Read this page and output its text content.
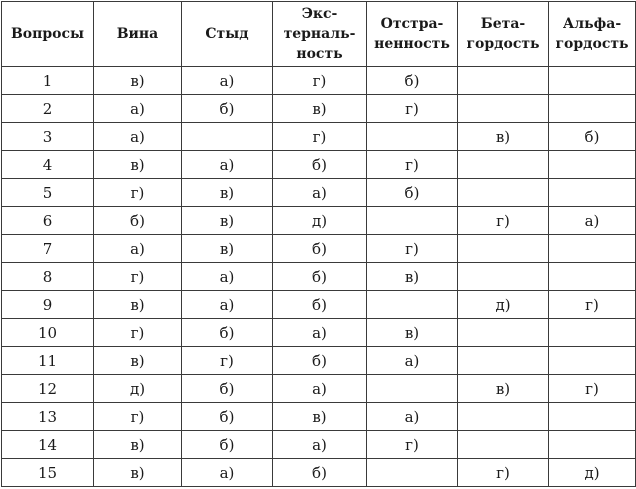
Вопросы	Вина	Стыд	Экс-
терналь-
ность	Отстра-
ненность	Бета-
гордость	Альфа-
гордость

1	в)	а)	г)	б)		
2	а)	б)	в)	г)		
3	а)		г)		в)	б)
4	в)	а)	б)	г)		
5	г)	в)	а)	б)		
6	б)	в)	д)		г)	а)
7	а)	в)	б)	г)		
8	г)	а)	б)	в)		
9	в)	а)	б)		д)	г)
10	г)	б)	а)	в)		
11	в)	г)	б)	а)		
12	д)	б)	а)		в)	г)
13	г)	б)	в)	а)		
14	в)	б)	а)	г)		
15	в)	а)	б)		г)	д)
